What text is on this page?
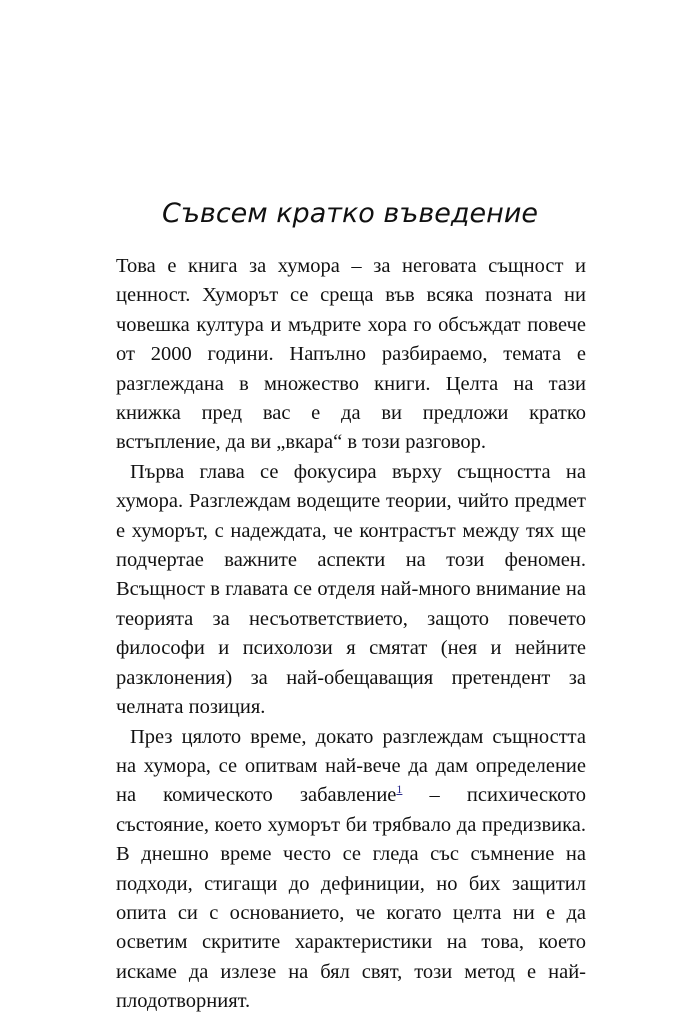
Съвсем кратко въведение

Това е книга за хумора – за неговата същност и ценност. Хуморът се среща във всяка позната ни човешка култура и мъдрите хора го обсъждат повече от 2000 години. Напълно разбираемо, темата е разглеждана в множество книги. Целта на тази книжка пред вас е да ви предложи кратко встъпление, да ви „вкара“ в този разговор.

Първа глава се фокусира върху същността на хумора. Разглеждам водещите теории, чийто предмет е хуморът, с надеждата, че контрастът между тях ще подчертае важните аспекти на този феномен. Всъщност в главата се отделя най-много внимание на теорията за несъответствието, защото повечето философи и психолози я смятат (нея и нейните разклонения) за най-обещаващия претендент за челната позиция.

През цялото време, докато разглеждам същността на хумора, се опитвам най-вече да дам определение на комическото забавление$^1$ – психическото състояние, което хуморът би трябвало да предизвика. В днешно време често се гледа със съмнение на подходи, стигащи до дефиниции, но бих защитил опита си с основанието, че когато целта ни е да осветим скритите характеристики на това, което искаме да излезе на бял свят, този метод е най-плодотворният.
